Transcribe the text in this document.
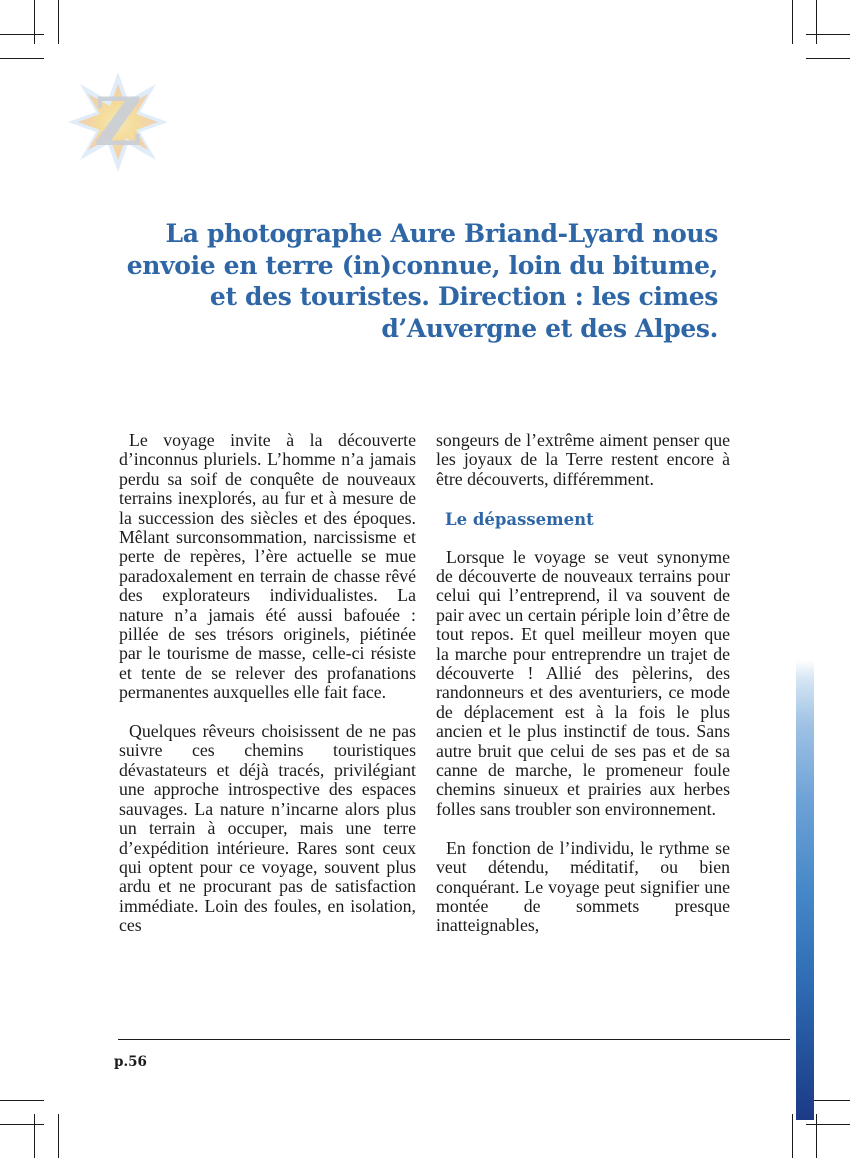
Z
La photographe Aure Briand-Lyard nous envoie en terre (in)connue, loin du bitume, et des touristes. Direction : les cimes d’Auvergne et des Alpes.

Le voyage invite à la découverte d’inconnus pluriels. L’homme n’a jamais perdu sa soif de conquête de nouveaux terrains inexplorés, au fur et à mesure de la succession des siècles et des époques. Mêlant surconsommation, narcissisme et perte de repères, l’ère actuelle se mue paradoxalement en terrain de chasse rêvé des explorateurs individualistes. La nature n’a jamais été aussi bafouée : pillée de ses trésors originels, piétinée par le tourisme de masse, celle-ci résiste et tente de se relever des profanations permanentes auxquelles elle fait face.

Quelques rêveurs choisissent de ne pas suivre ces chemins touristiques dévastateurs et déjà tracés, privilégiant une approche introspective des espaces sauvages. La nature n’incarne alors plus un terrain à occuper, mais une terre d’expédition intérieure. Rares sont ceux qui optent pour ce voyage, souvent plus ardu et ne procurant pas de satisfaction immédiate. Loin des foules, en isolation, ces

songeurs de l’extrême aiment penser que les joyaux de la Terre restent encore à être découverts, différemment.

Le dépassement

Lorsque le voyage se veut synonyme de découverte de nouveaux terrains pour celui qui l’entreprend, il va souvent de pair avec un certain périple loin d’être de tout repos. Et quel meilleur moyen que la marche pour entreprendre un trajet de découverte ! Allié des pèlerins, des randonneurs et des aventuriers, ce mode de déplacement est à la fois le plus ancien et le plus instinctif de tous. Sans autre bruit que celui de ses pas et de sa canne de marche, le promeneur foule chemins sinueux et prairies aux herbes folles sans troubler son environnement.

En fonction de l’individu, le rythme se veut détendu, méditatif, ou bien conquérant. Le voyage peut signifier une montée de sommets presque inatteignables,

p.56
